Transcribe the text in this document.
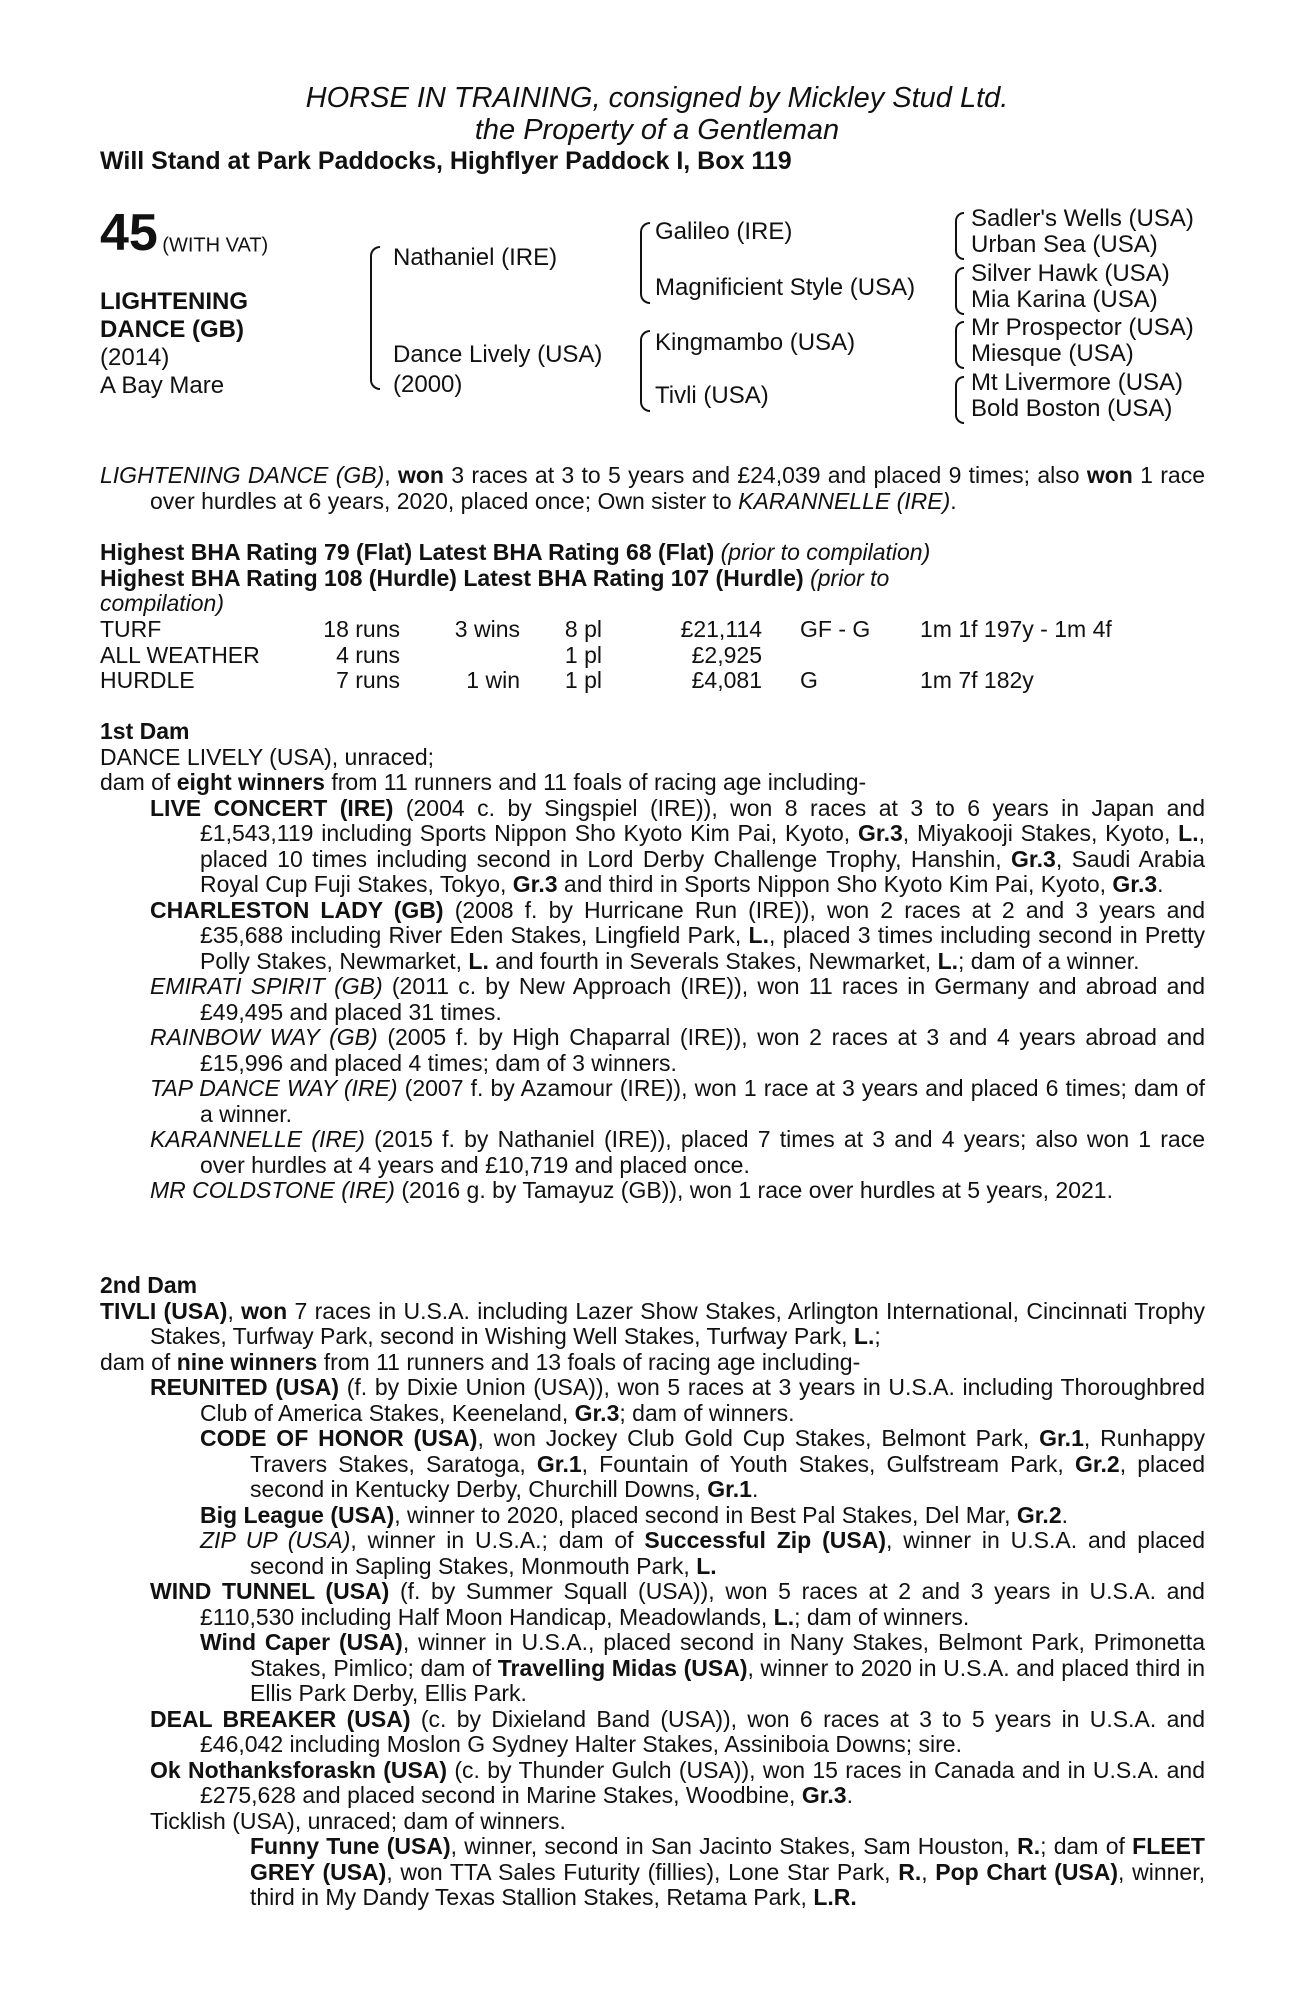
HORSE IN TRAINING, consigned by Mickley Stud Ltd.
the Property of a Gentleman
Will Stand at Park Paddocks, Highflyer Paddock I, Box 119
45 (WITH VAT)
LIGHTENING
DANCE (GB)
(2014)
A Bay Mare
Nathaniel (IRE)
Dance Lively (USA)
(2000)
Galileo (IRE)
Magnificient Style (USA)
Kingmambo (USA)
Tivli (USA)
Sadler's Wells (USA)
Urban Sea (USA)
Silver Hawk (USA)
Mia Karina (USA)
Mr Prospector (USA)
Miesque (USA)
Mt Livermore (USA)
Bold Boston (USA)

LIGHTENING DANCE (GB), won 3 races at 3 to 5 years and £24,039 and placed 9 times; also won 1 race over hurdles at 6 years, 2020, placed once; Own sister to KARANNELLE (IRE).

Highest BHA Rating 79 (Flat) Latest BHA Rating 68 (Flat) (prior to compilation)

Highest BHA Rating 108 (Hurdle) Latest BHA Rating 107 (Hurdle) (prior to

compilation)

TURF	18 runs	3 wins	8 pl	£21,114	GF - G	1m 1f 197y - 1m 4f
ALL WEATHER	4 runs		1 pl	£2,925		
HURDLE	7 runs	1 win	1 pl	£4,081	G	1m 7f 182y

1st Dam

DANCE LIVELY (USA), unraced;

dam of eight winners from 11 runners and 11 foals of racing age including-

LIVE CONCERT (IRE) (2004 c. by Singspiel (IRE)), won 8 races at 3 to 6 years in Japan and £1,543,119 including Sports Nippon Sho Kyoto Kim Pai, Kyoto, Gr.3, Miyakooji Stakes, Kyoto, L., placed 10 times including second in Lord Derby Challenge Trophy, Hanshin, Gr.3, Saudi Arabia Royal Cup Fuji Stakes, Tokyo, Gr.3 and third in Sports Nippon Sho Kyoto Kim Pai, Kyoto, Gr.3.

CHARLESTON LADY (GB) (2008 f. by Hurricane Run (IRE)), won 2 races at 2 and 3 years and £35,688 including River Eden Stakes, Lingfield Park, L., placed 3 times including second in Pretty Polly Stakes, Newmarket, L. and fourth in Severals Stakes, Newmarket, L.; dam of a winner.

EMIRATI SPIRIT (GB) (2011 c. by New Approach (IRE)), won 11 races in Germany and abroad and £49,495 and placed 31 times.

RAINBOW WAY (GB) (2005 f. by High Chaparral (IRE)), won 2 races at 3 and 4 years abroad and £15,996 and placed 4 times; dam of 3 winners.

TAP DANCE WAY (IRE) (2007 f. by Azamour (IRE)), won 1 race at 3 years and placed 6 times; dam of a winner.

KARANNELLE (IRE) (2015 f. by Nathaniel (IRE)), placed 7 times at 3 and 4 years; also won 1 race over hurdles at 4 years and £10,719 and placed once.

MR COLDSTONE (IRE) (2016 g. by Tamayuz (GB)), won 1 race over hurdles at 5 years, 2021.

2nd Dam

TIVLI (USA), won 7 races in U.S.A. including Lazer Show Stakes, Arlington International, Cincinnati Trophy Stakes, Turfway Park, second in Wishing Well Stakes, Turfway Park, L.;

dam of nine winners from 11 runners and 13 foals of racing age including-

REUNITED (USA) (f. by Dixie Union (USA)), won 5 races at 3 years in U.S.A. including Thoroughbred Club of America Stakes, Keeneland, Gr.3; dam of winners.

CODE OF HONOR (USA), won Jockey Club Gold Cup Stakes, Belmont Park, Gr.1, Runhappy Travers Stakes, Saratoga, Gr.1, Fountain of Youth Stakes, Gulfstream Park, Gr.2, placed second in Kentucky Derby, Churchill Downs, Gr.1.

Big League (USA), winner to 2020, placed second in Best Pal Stakes, Del Mar, Gr.2.

ZIP UP (USA), winner in U.S.A.; dam of Successful Zip (USA), winner in U.S.A. and placed second in Sapling Stakes, Monmouth Park, L.

WIND TUNNEL (USA) (f. by Summer Squall (USA)), won 5 races at 2 and 3 years in U.S.A. and £110,530 including Half Moon Handicap, Meadowlands, L.; dam of winners.

Wind Caper (USA), winner in U.S.A., placed second in Nany Stakes, Belmont Park, Primonetta Stakes, Pimlico; dam of Travelling Midas (USA), winner to 2020 in U.S.A. and placed third in Ellis Park Derby, Ellis Park.

DEAL BREAKER (USA) (c. by Dixieland Band (USA)), won 6 races at 3 to 5 years in U.S.A. and £46,042 including Moslon G Sydney Halter Stakes, Assiniboia Downs; sire.

Ok Nothanksforaskn (USA) (c. by Thunder Gulch (USA)), won 15 races in Canada and in U.S.A. and £275,628 and placed second in Marine Stakes, Woodbine, Gr.3.

Ticklish (USA), unraced; dam of winners.

Funny Tune (USA), winner, second in San Jacinto Stakes, Sam Houston, R.; dam of FLEET GREY (USA), won TTA Sales Futurity (fillies), Lone Star Park, R., Pop Chart (USA), winner, third in My Dandy Texas Stallion Stakes, Retama Park, L.R.
